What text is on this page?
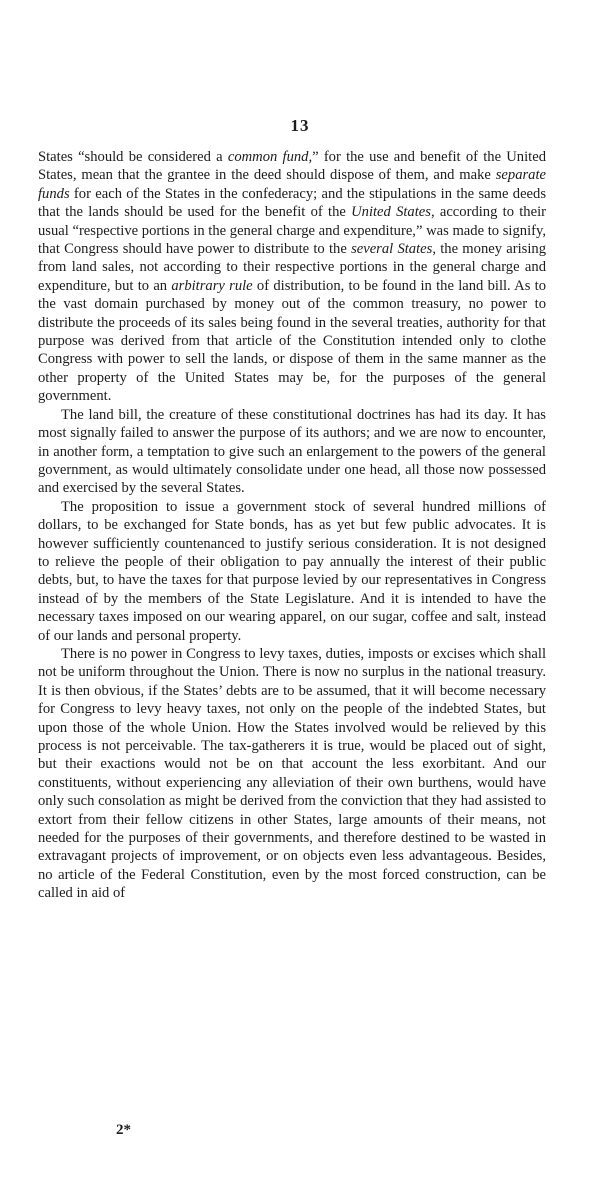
13

States “should be considered a common fund,” for the use and benefit of the United States, mean that the grantee in the deed should dispose of them, and make separate funds for each of the States in the confederacy; and the stipulations in the same deeds that the lands should be used for the benefit of the United States, according to their usual “respective portions in the general charge and expenditure,” was made to signify, that Congress should have power to distribute to the several States, the money arising from land sales, not according to their respective portions in the general charge and expenditure, but to an arbitrary rule of distribution, to be found in the land bill. As to the vast domain purchased by money out of the common treasury, no power to distribute the proceeds of its sales being found in the several treaties, authority for that purpose was derived from that article of the Constitution intended only to clothe Congress with power to sell the lands, or dispose of them in the same manner as the other property of the United States may be, for the purposes of the general government.

The land bill, the creature of these constitutional doctrines has had its day. It has most signally failed to answer the purpose of its authors; and we are now to encounter, in another form, a temptation to give such an enlargement to the powers of the general government, as would ultimately consolidate under one head, all those now possessed and exercised by the several States.

The proposition to issue a government stock of several hundred millions of dollars, to be exchanged for State bonds, has as yet but few public advocates. It is however sufficiently countenanced to justify serious consideration. It is not designed to relieve the people of their obligation to pay annually the interest of their public debts, but, to have the taxes for that purpose levied by our representatives in Congress instead of by the members of the State Legislature. And it is intended to have the necessary taxes imposed on our wearing apparel, on our sugar, coffee and salt, instead of our lands and personal property.

There is no power in Congress to levy taxes, duties, imposts or excises which shall not be uniform throughout the Union. There is now no surplus in the national treasury. It is then obvious, if the States’ debts are to be assumed, that it will become necessary for Congress to levy heavy taxes, not only on the people of the indebted States, but upon those of the whole Union. How the States involved would be relieved by this process is not perceivable. The tax-gatherers it is true, would be placed out of sight, but their exactions would not be on that account the less exorbitant. And our constituents, without experiencing any alleviation of their own burthens, would have only such consolation as might be derived from the conviction that they had assisted to extort from their fellow citizens in other States, large amounts of their means, not needed for the purposes of their governments, and therefore destined to be wasted in extravagant projects of improvement, or on objects even less advantageous. Besides, no article of the Federal Constitution, even by the most forced construction, can be called in aid of

2*
